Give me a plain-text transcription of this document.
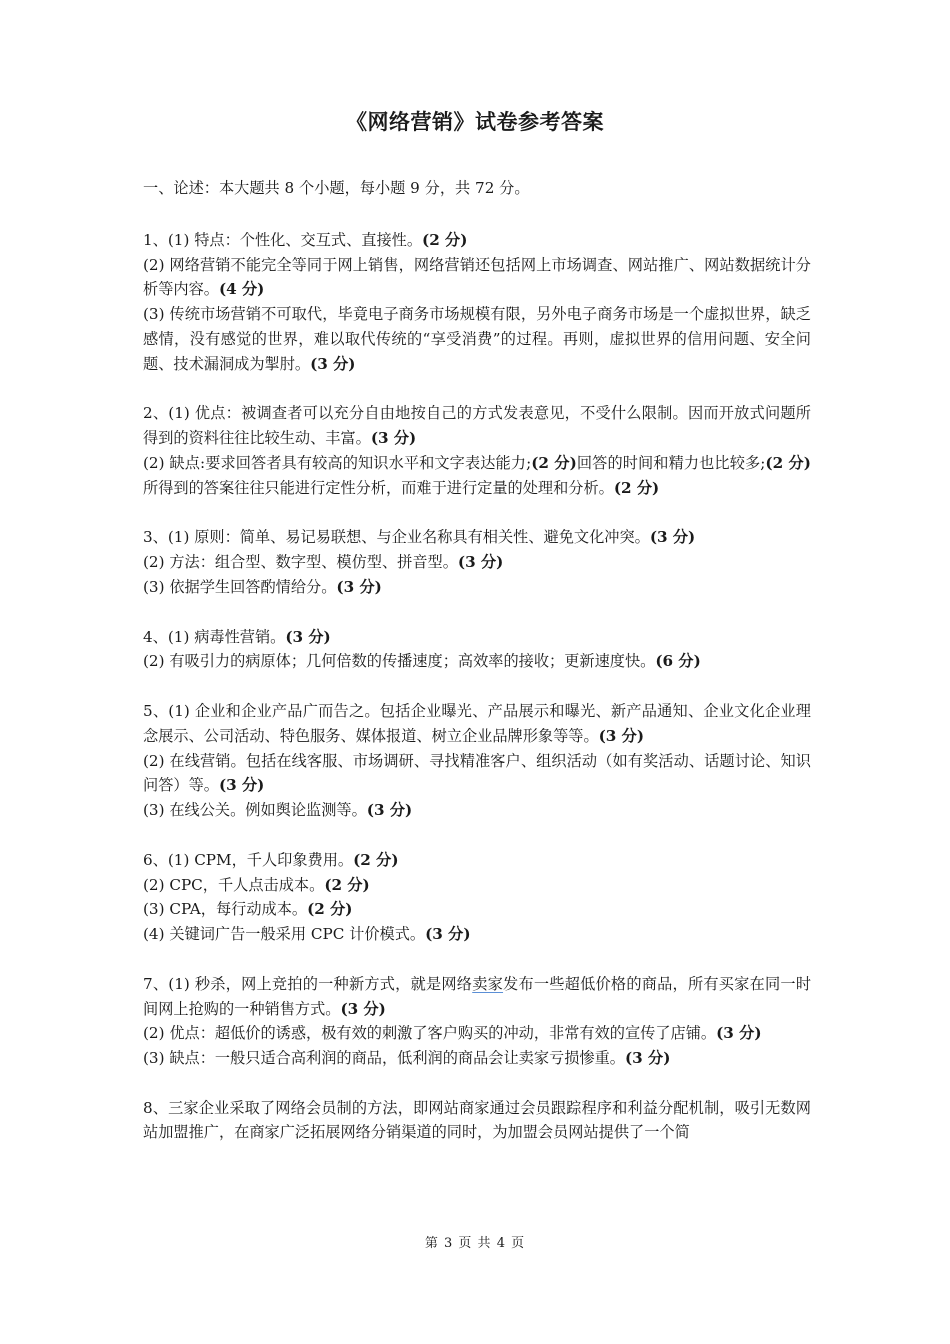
《网络营销》试卷参考答案

一、论述：本大题共 8 个小题，每小题 9 分，共 72 分。

1、(1) 特点：个性化、交互式、直接性。(2 分)

(2) 网络营销不能完全等同于网上销售，网络营销还包括网上市场调查、网站推广、网站数据统计分析等内容。(4 分)

(3) 传统市场营销不可取代，毕竟电子商务市场规模有限，另外电子商务市场是一个虚拟世界，缺乏感情，没有感觉的世界，难以取代传统的“享受消费”的过程。再则，虚拟世界的信用问题、安全问题、技术漏洞成为掣肘。(3 分)

2、(1) 优点：被调查者可以充分自由地按自己的方式发表意见，不受什么限制。因而开放式问题所得到的资料往往比较生动、丰富。(3 分)

(2) 缺点:要求回答者具有较高的知识水平和文字表达能力;(2 分)回答的时间和精力也比较多;(2 分)所得到的答案往往只能进行定性分析，而难于进行定量的处理和分析。(2 分)

3、(1) 原则：简单、易记易联想、与企业名称具有相关性、避免文化冲突。(3 分)

(2) 方法：组合型、数字型、模仿型、拼音型。(3 分)

(3) 依据学生回答酌情给分。(3 分)

4、(1) 病毒性营销。(3 分)

(2) 有吸引力的病原体；几何倍数的传播速度；高效率的接收；更新速度快。(6 分)

5、(1) 企业和企业产品广而告之。包括企业曝光、产品展示和曝光、新产品通知、企业文化企业理念展示、公司活动、特色服务、媒体报道、树立企业品牌形象等等。(3 分)

(2) 在线营销。包括在线客服、市场调研、寻找精准客户、组织活动（如有奖活动、话题讨论、知识问答）等。(3 分)

(3) 在线公关。例如舆论监测等。(3 分)

6、(1) CPM，千人印象费用。(2 分)

(2) CPC，千人点击成本。(2 分)

(3) CPA，每行动成本。(2 分)

(4) 关键词广告一般采用 CPC 计价模式。(3 分)

7、(1) 秒杀，网上竞拍的一种新方式，就是网络卖家发布一些超低价格的商品，所有买家在同一时间网上抢购的一种销售方式。(3 分)

(2) 优点：超低价的诱惑，极有效的刺激了客户购买的冲动，非常有效的宣传了店铺。(3 分)

(3) 缺点：一般只适合高利润的商品，低利润的商品会让卖家亏损惨重。(3 分)

8、三家企业采取了网络会员制的方法，即网站商家通过会员跟踪程序和利益分配机制，吸引无数网站加盟推广，在商家广泛拓展网络分销渠道的同时，为加盟会员网站提供了一个简

第 3 页 共 4 页
